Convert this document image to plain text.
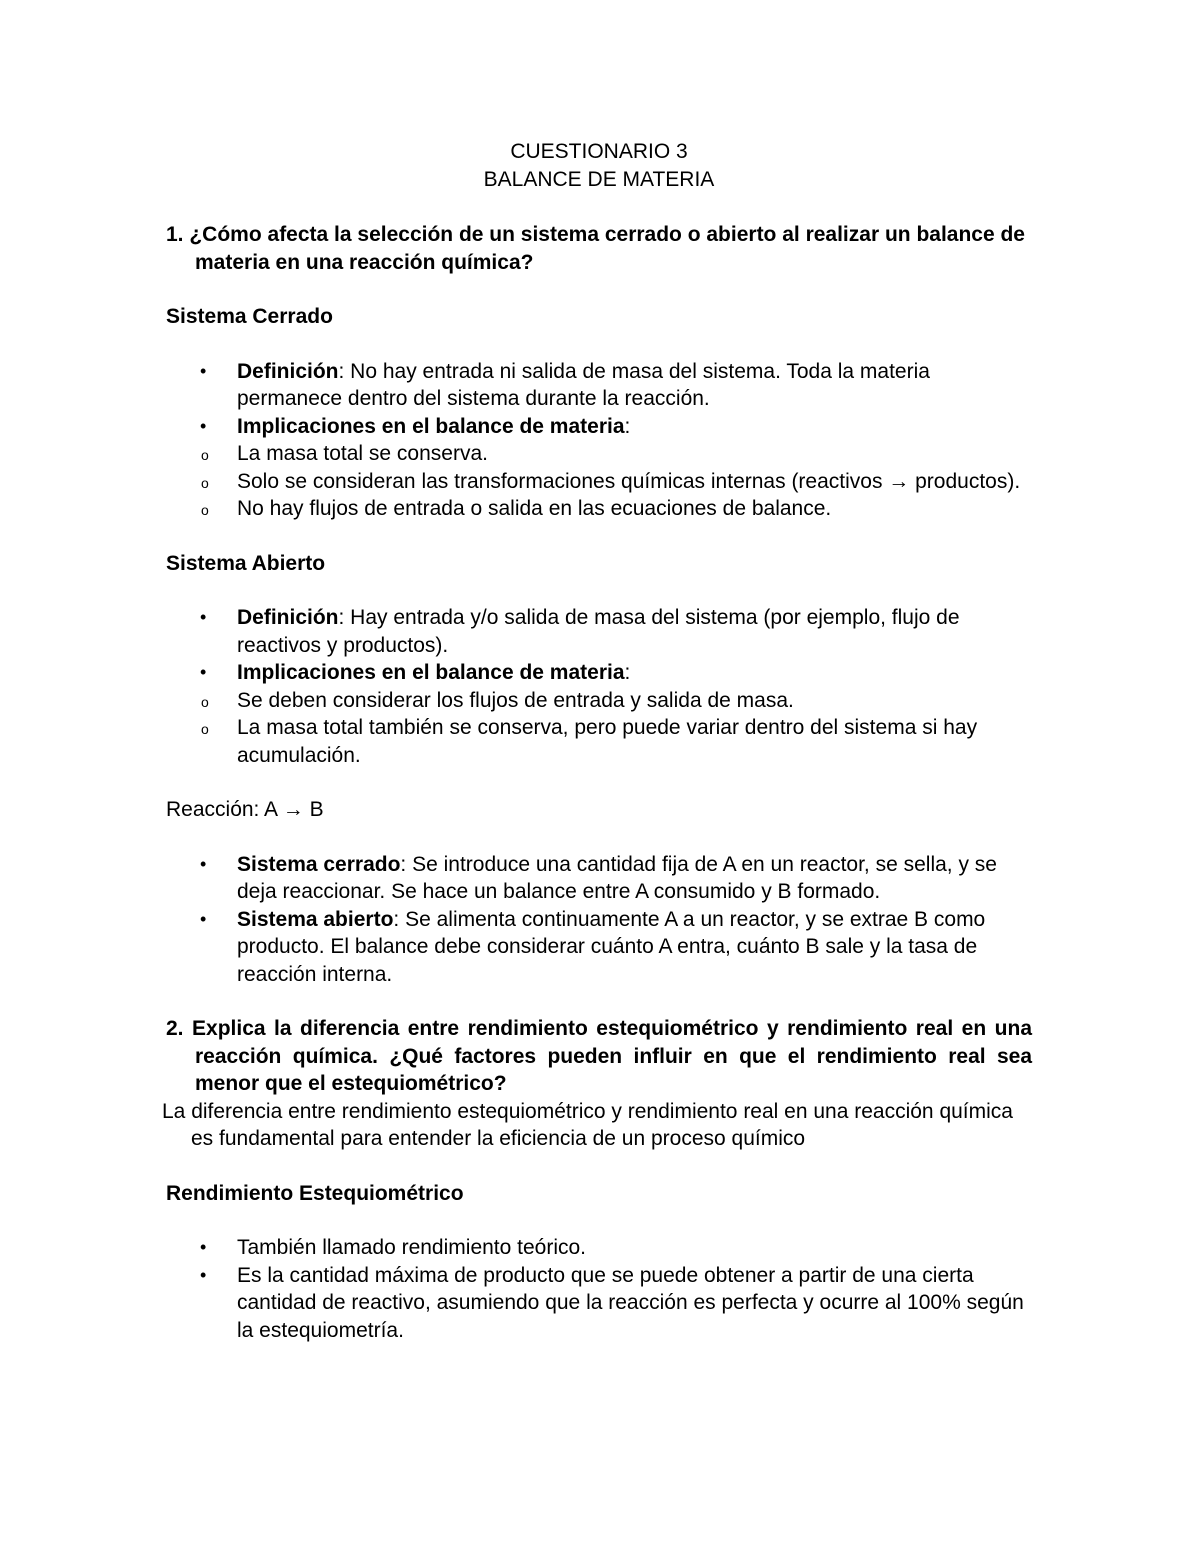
CUESTIONARIO 3
BALANCE DE MATERIA
1. ¿Cómo afecta la selección de un sistema cerrado o abierto al realizar un balance de materia en una reacción química?
Sistema Cerrado
• Definición: No hay entrada ni salida de masa del sistema. Toda la materia permanece dentro del sistema durante la reacción.
• Implicaciones en el balance de materia:
o La masa total se conserva.
o Solo se consideran las transformaciones químicas internas (reactivos → productos).
o No hay flujos de entrada o salida en las ecuaciones de balance.
Sistema Abierto
• Definición: Hay entrada y/o salida de masa del sistema (por ejemplo, flujo de reactivos y productos).
• Implicaciones en el balance de materia:
o Se deben considerar los flujos de entrada y salida de masa.
o La masa total también se conserva, pero puede variar dentro del sistema si hay acumulación.
Reacción: A → B
• Sistema cerrado: Se introduce una cantidad fija de A en un reactor, se sella, y se deja reaccionar. Se hace un balance entre A consumido y B formado.
• Sistema abierto: Se alimenta continuamente A a un reactor, y se extrae B como producto. El balance debe considerar cuánto A entra, cuánto B sale y la tasa de reacción interna.
2. Explica la diferencia entre rendimiento estequiométrico y rendimiento real en una reacción química. ¿Qué factores pueden influir en que el rendimiento real sea menor que el estequiométrico?
La diferencia entre rendimiento estequiométrico y rendimiento real en una reacción química es fundamental para entender la eficiencia de un proceso químico
Rendimiento Estequiométrico
• También llamado rendimiento teórico.
• Es la cantidad máxima de producto que se puede obtener a partir de una cierta cantidad de reactivo, asumiendo que la reacción es perfecta y ocurre al 100% según la estequiometría.
